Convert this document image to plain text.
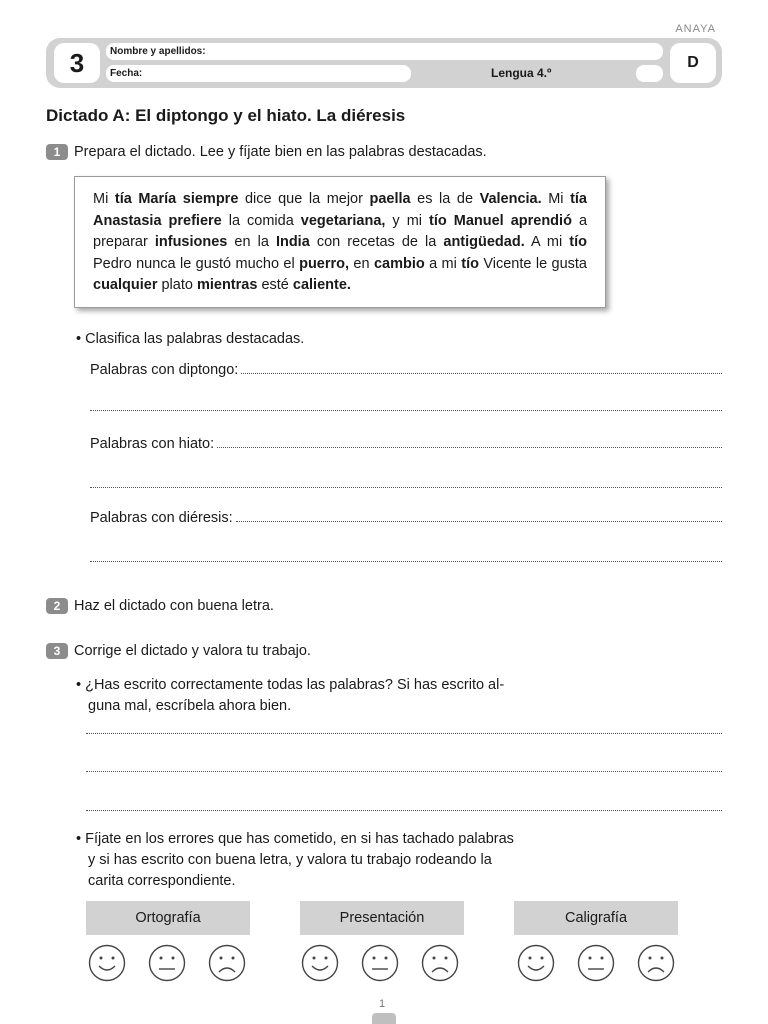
ANAYA
3	Nombre y apellidos:
Fecha:	Lengua 4.º
D
Dictado A: El diptongo y el hiato. La diéresis
1 Prepara el dictado. Lee y fíjate bien en las palabras destacadas.
Mi tía María siempre dice que la mejor paella es la de Valencia. Mi tía Anastasia prefiere la comida vegetariana, y mi tío Manuel aprendió a preparar infusiones en la India con recetas de la antigüedad. A mi tío Pedro nunca le gustó mucho el puerro, en cambio a mi tío Vicente le gusta cualquier plato mientras esté caliente.
• Clasifica las palabras destacadas.
Palabras con diptongo:
Palabras con hiato:
Palabras con diéresis:
2 Haz el dictado con buena letra.
3 Corrige el dictado y valora tu trabajo.
• ¿Has escrito correctamente todas las palabras? Si has escrito al-
guna mal, escríbela ahora bien.
• Fíjate en los errores que has cometido, en si has tachado palabras
y si has escrito con buena letra, y valora tu trabajo rodeando la
carita correspondiente.
Ortografía	Presentación	Caligrafía
1
